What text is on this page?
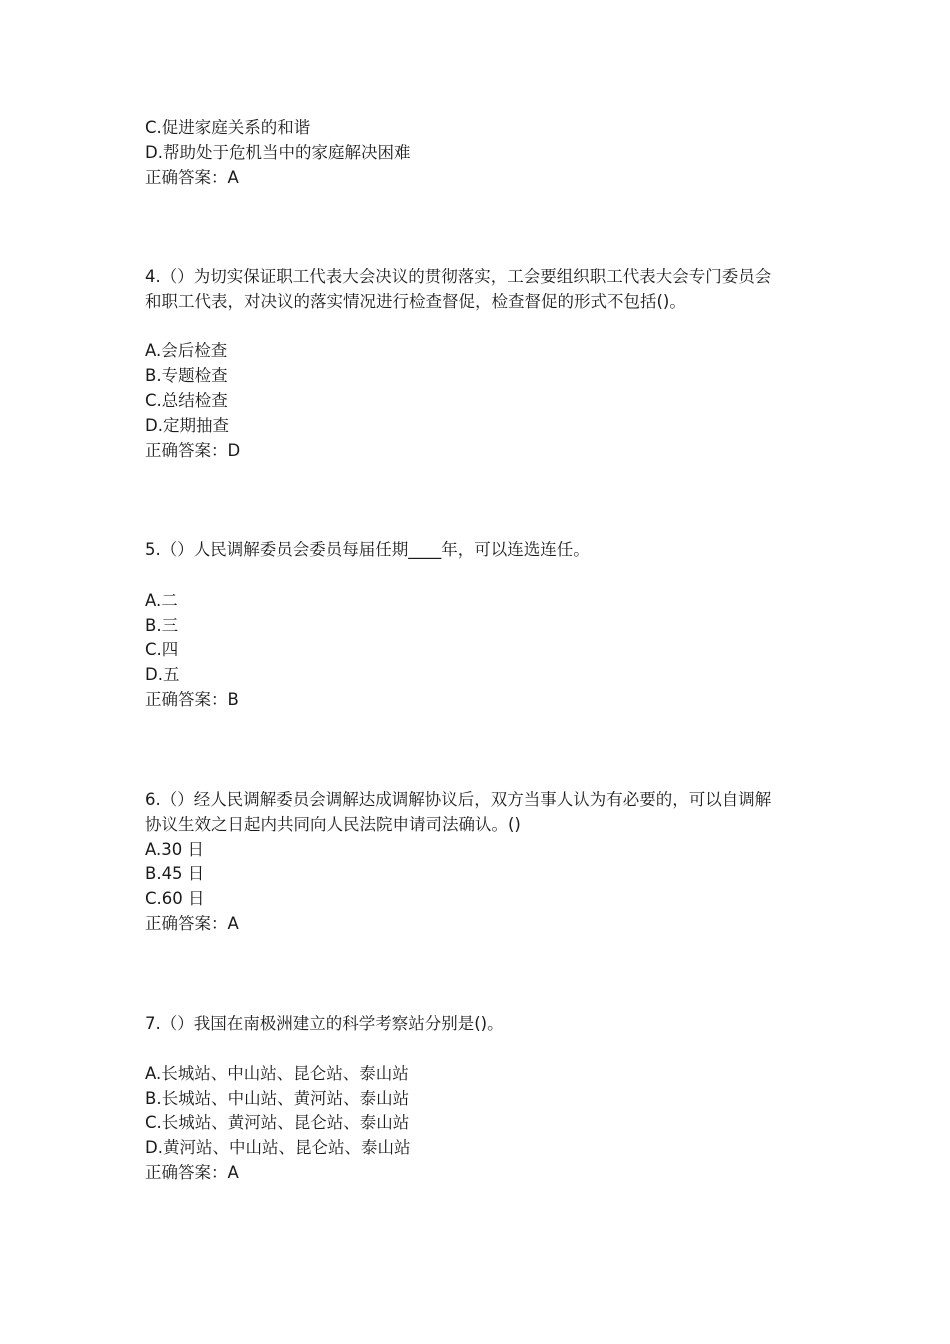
C.促进家庭关系的和谐
D.帮助处于危机当中的家庭解决困难
正确答案：A
4.（）为切实保证职工代表大会决议的贯彻落实，工会要组织职工代表大会专门委员会
和职工代表，对决议的落实情况进行检查督促，检查督促的形式不包括()。
A.会后检查
B.专题检查
C.总结检查
D.定期抽查
正确答案：D
5.（）人民调解委员会委员每届任期____年，可以连选连任。
A.二
B.三
C.四
D.五
正确答案：B
6.（）经人民调解委员会调解达成调解协议后，双方当事人认为有必要的，可以自调解
协议生效之日起内共同向人民法院申请司法确认。()
A.30 日
B.45 日
C.60 日
正确答案：A
7.（）我国在南极洲建立的科学考察站分别是()。
A.长城站、中山站、昆仑站、泰山站
B.长城站、中山站、黄河站、泰山站
C.长城站、黄河站、昆仑站、泰山站
D.黄河站、中山站、昆仑站、泰山站
正确答案：A
